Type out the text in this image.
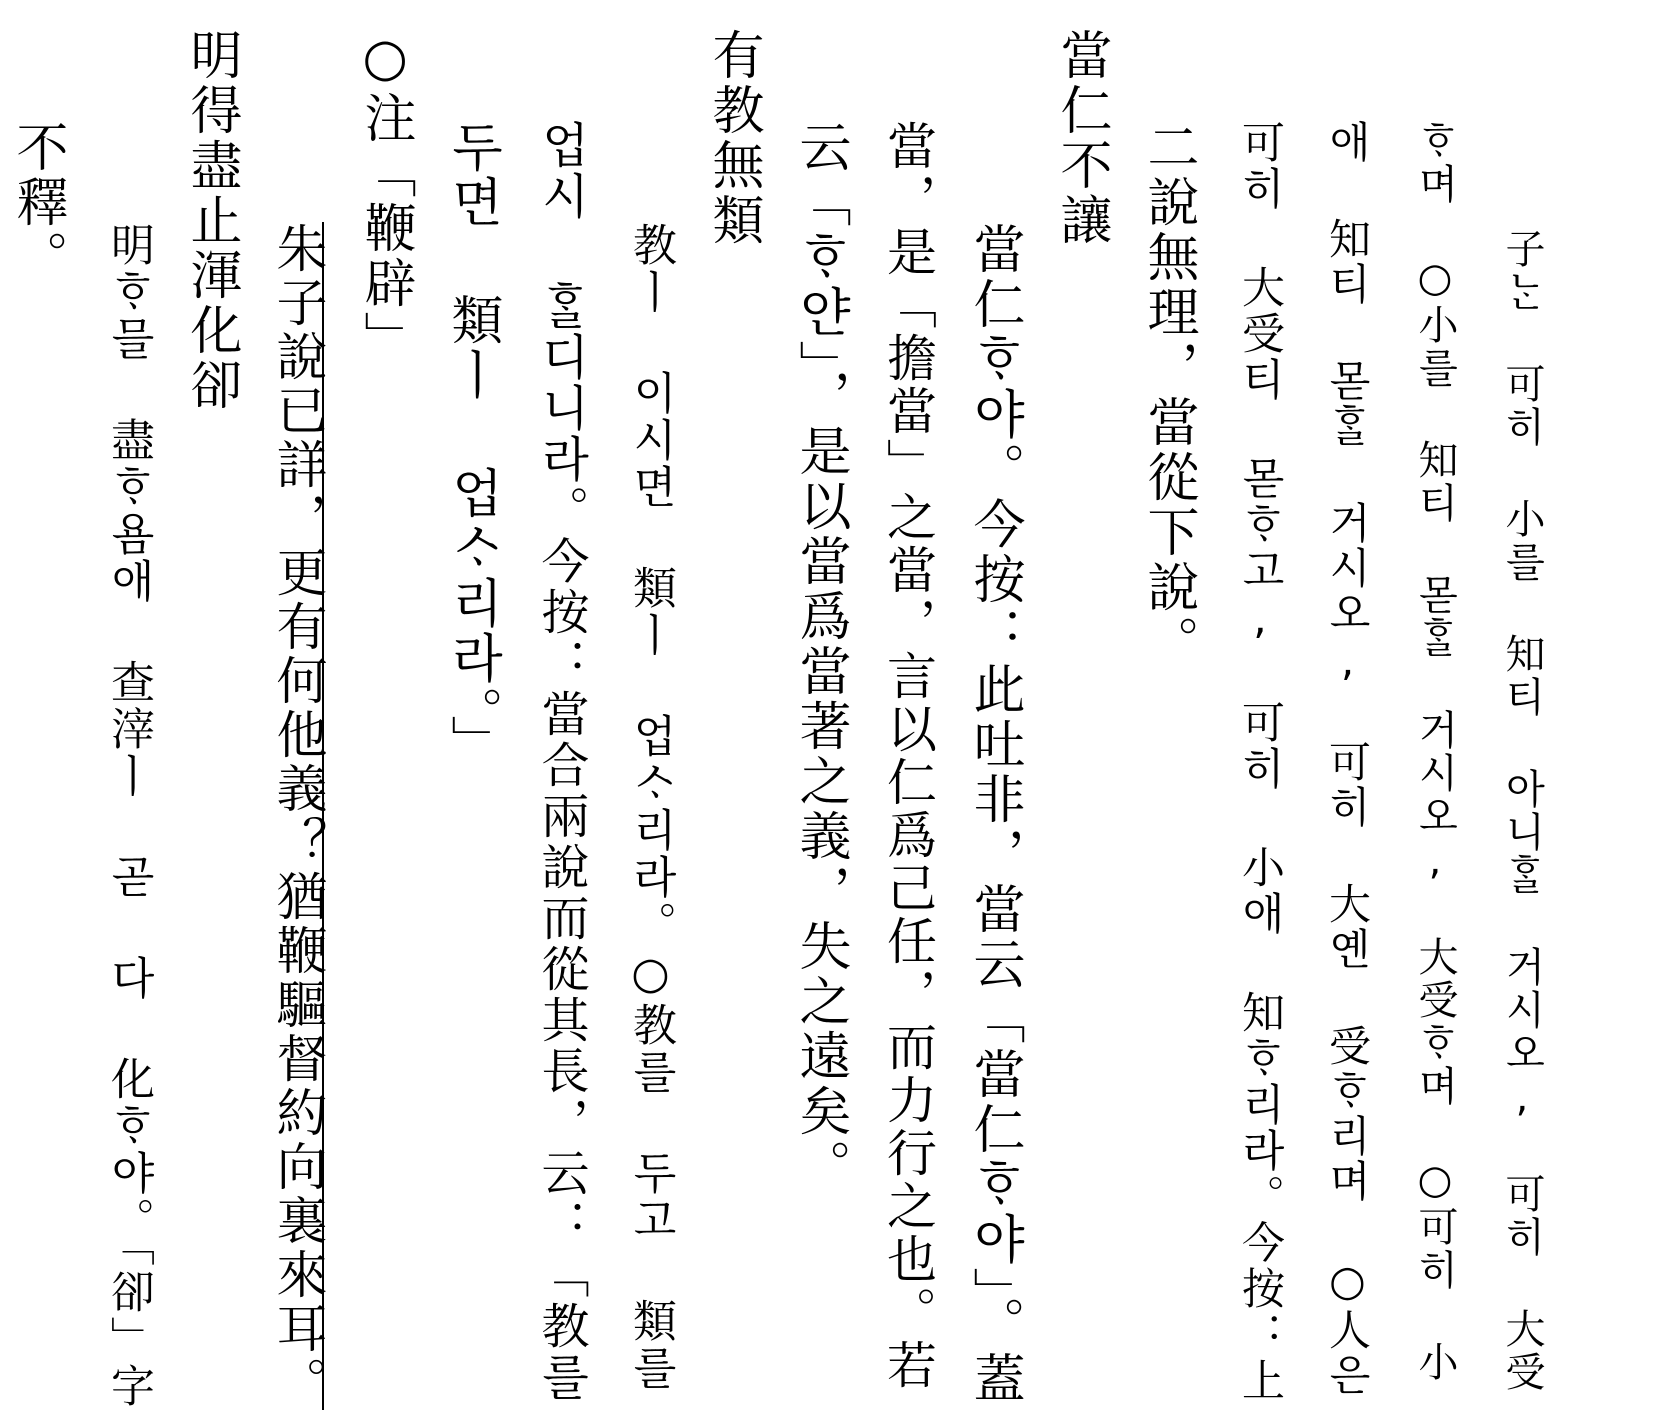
子ᄂᆞᆫ 可히 小를 知티 아니ᄒᆞᆯ 거시오, 可히 大受
ᄒᆞ며 ○小를 知티 몯ᄒᆞᆯ 거시오, 大受ᄒᆞ며 ○可히 小
애 知티 몯ᄒᆞᆯ 거시오, 可히 大옌 受ᄒᆞ리며 ○人은
可히 大受티 몯ᄒᆞ고, 可히 小애 知ᄒᆞ리라。今按：上
二說無理，當從下說。
當仁不讓
當仁ᄒᆞ야。今按：此吐非，當云「當仁ᄒᆞ야」。蓋
當，是「擔當」之當，言以仁爲己任，而力行之也。若
云「ᄒᆞ얀」，是以當爲當著之義，失之遠矣。
有教無類
教ㅣ 이시면 類ㅣ 업ᄉᆞ리라。○教를 두고 類를
업시 ᄒᆞᆯ디니라。今按：當合兩說而從其長，云：「教를
두면 類ㅣ 업ᄉᆞ리라。」
○注「鞭辟」
朱子說已詳，更有何他義？猶鞭驅督約向裏來耳。
明得盡止渾化卻
明ᄒᆞ믈 盡ᄒᆞ욤애 查滓ㅣ 곧 다 化ᄒᆞ야。「卻」字
不釋。
